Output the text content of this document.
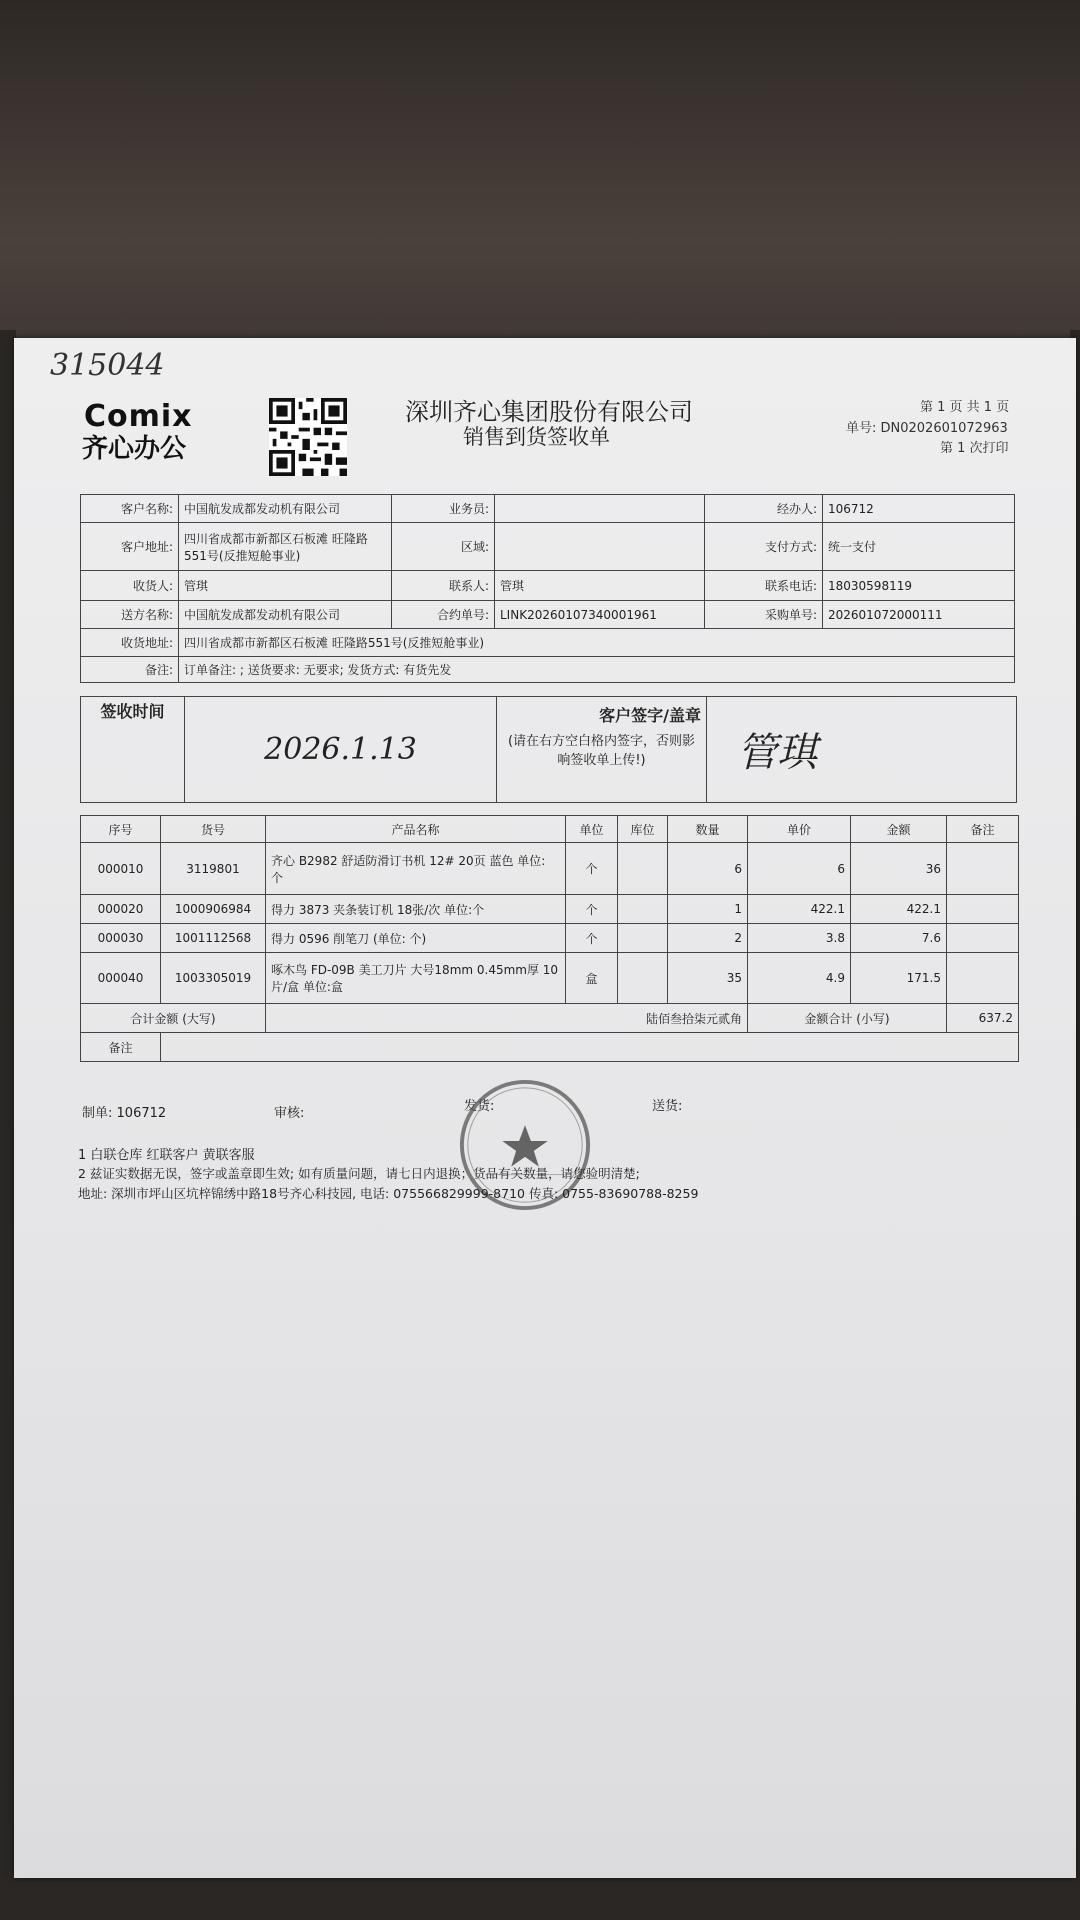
315044
Comix
齐心办公
深圳齐心集团股份有限公司
销售到货签收单
第 1 页 共 1 页
单号: DN0202601072963
第 1 次打印
客户名称:	中国航发成都发动机有限公司	业务员:		经办人:	106712
客户地址:	四川省成都市新都区石板滩 旺隆路551号(反推短舱事业)	区域:		支付方式:	统一支付
收货人:	管琪	联系人:	管琪	联系电话:	18030598119
送方名称:	中国航发成都发动机有限公司	合约单号:	LINK20260107340001961	采购单号:	202601072000111
收货地址:	四川省成都市新都区石板滩 旺隆路551号(反推短舱事业)				
备注:	订单备注: ; 送货要求: 无要求; 发货方式: 有货先发				
签收时间	2026.1.13	
客户签字/盖章
(请在右方空白格内签字，否则影响签收单上传!)	管琪
序号	货号	产品名称	单位	库位	数量	单价	金额	备注
000010	3119801	齐心 B2982 舒适防滑订书机 12# 20页 蓝色 单位: 个	个		6	6	36	
000020	1000906984	得力 3873 夹条装订机 18张/次 单位:个	个		1	422.1	422.1	
000030	1001112568	得力 0596 削笔刀 (单位: 个)	个		2	3.8	7.6	
000040	1003305019	啄木鸟 FD-09B 美工刀片 大号18mm 0.45mm厚 10片/盒 单位:盒	盒		35	4.9	171.5	
合计金额 (大写)		陆佰叁拾柒元贰角				金额合计 (小写)		637.2
备注								
制单: 106712	审核:	发货:	送货:
1 白联仓库 红联客户 黄联客服
2 兹证实数据无误，签字或盖章即生效; 如有质量问题，请七日内退换；货品有关数量，请您验明清楚;
地址: 深圳市坪山区坑梓锦绣中路18号齐心科技园, 电话: 075566829999-8710 传真: 0755-83690788-8259
